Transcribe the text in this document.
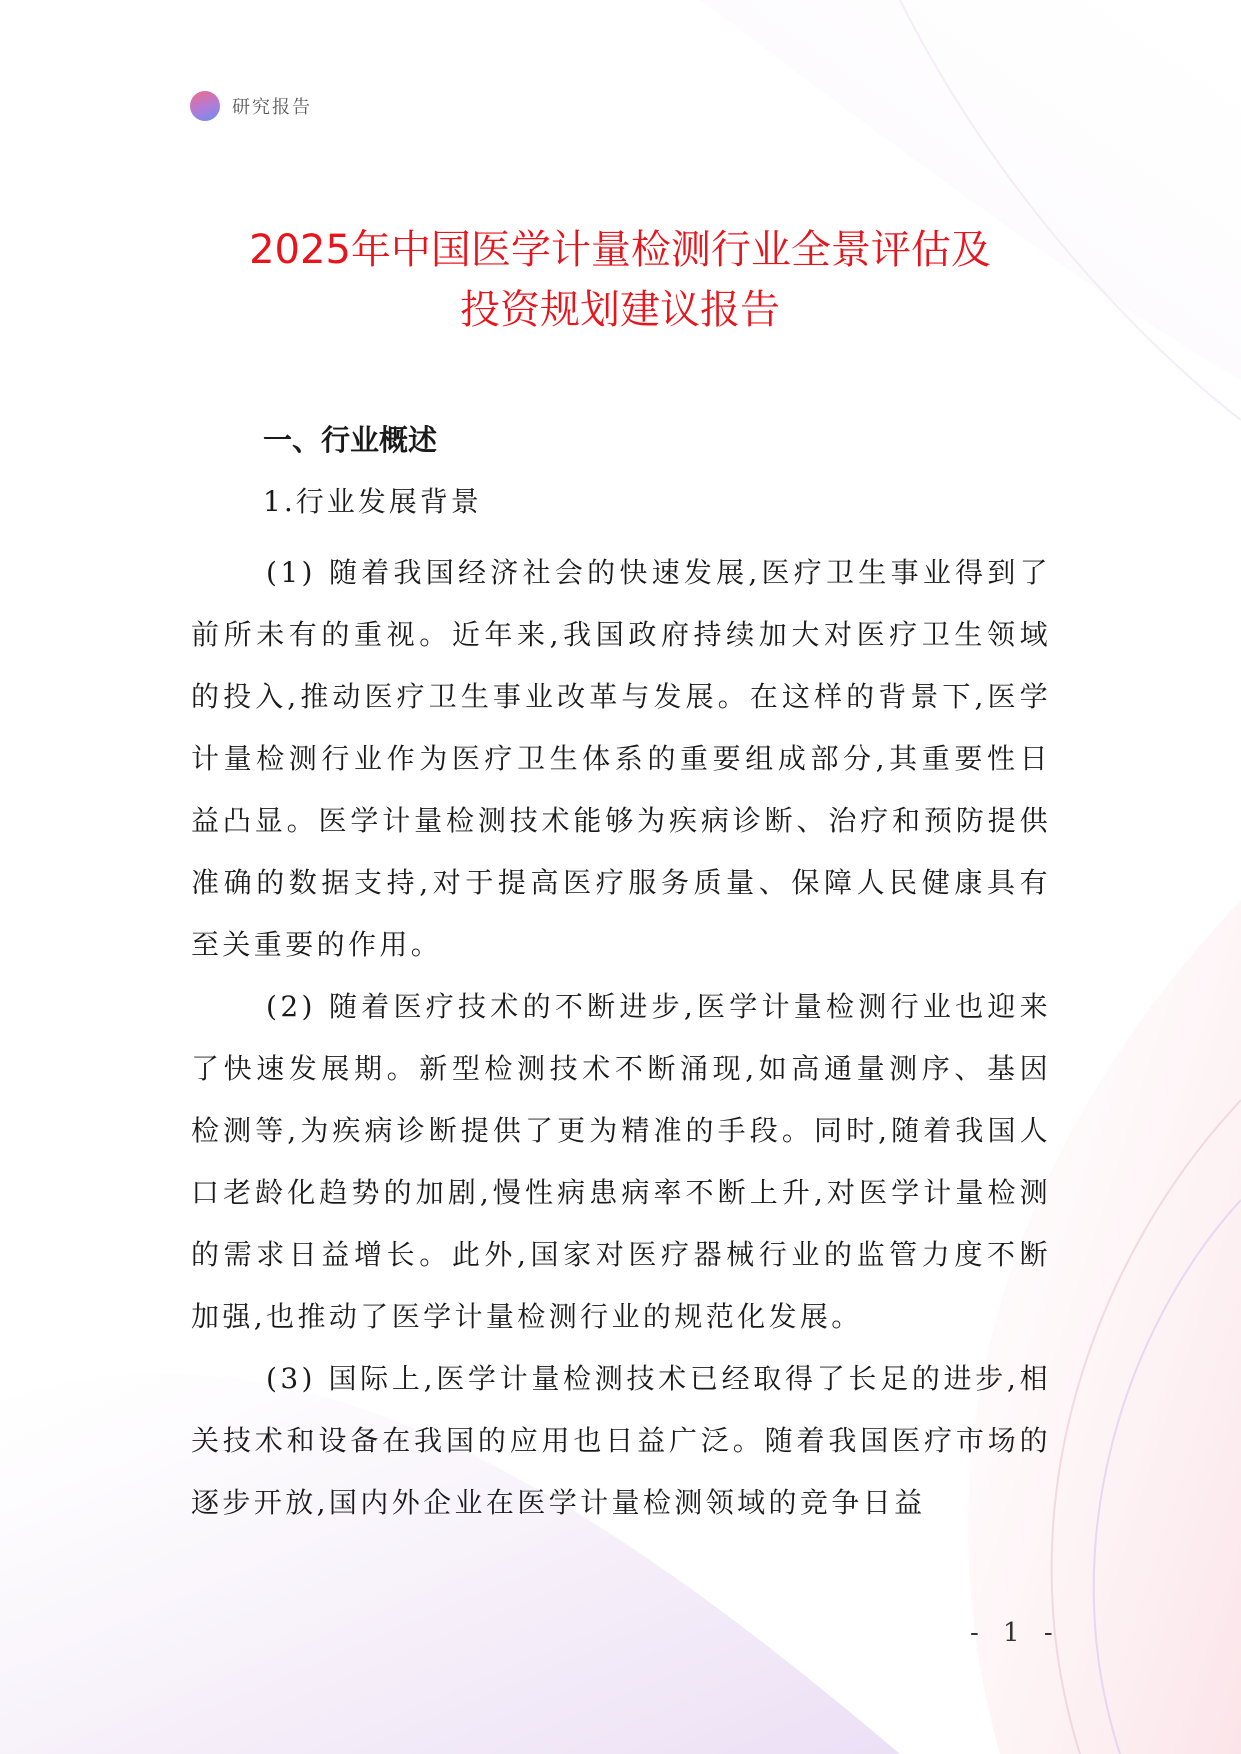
研究报告
2025年中国医学计量检测行业全景评估及
投资规划建议报告
一、行业概述
1.行业发展背景

(1) 随着我国经济社会的快速发展,医疗卫生事业得到了前所未有的重视。近年来,我国政府持续加大对医疗卫生领域的投入,推动医疗卫生事业改革与发展。在这样的背景下,医学计量检测行业作为医疗卫生体系的重要组成部分,其重要性日益凸显。医学计量检测技术能够为疾病诊断、治疗和预防提供准确的数据支持,对于提高医疗服务质量、保障人民健康具有至关重要的作用。

(2) 随着医疗技术的不断进步,医学计量检测行业也迎来了快速发展期。新型检测技术不断涌现,如高通量测序、基因检测等,为疾病诊断提供了更为精准的手段。同时,随着我国人口老龄化趋势的加剧,慢性病患病率不断上升,对医学计量检测的需求日益增长。此外,国家对医疗器械行业的监管力度不断加强,也推动了医学计量检测行业的规范化发展。

(3) 国际上,医学计量检测技术已经取得了长足的进步,相关技术和设备在我国的应用也日益广泛。随着我国医疗市场的逐步开放,国内外企业在医学计量检测领域的竞争日益

- 1 -
